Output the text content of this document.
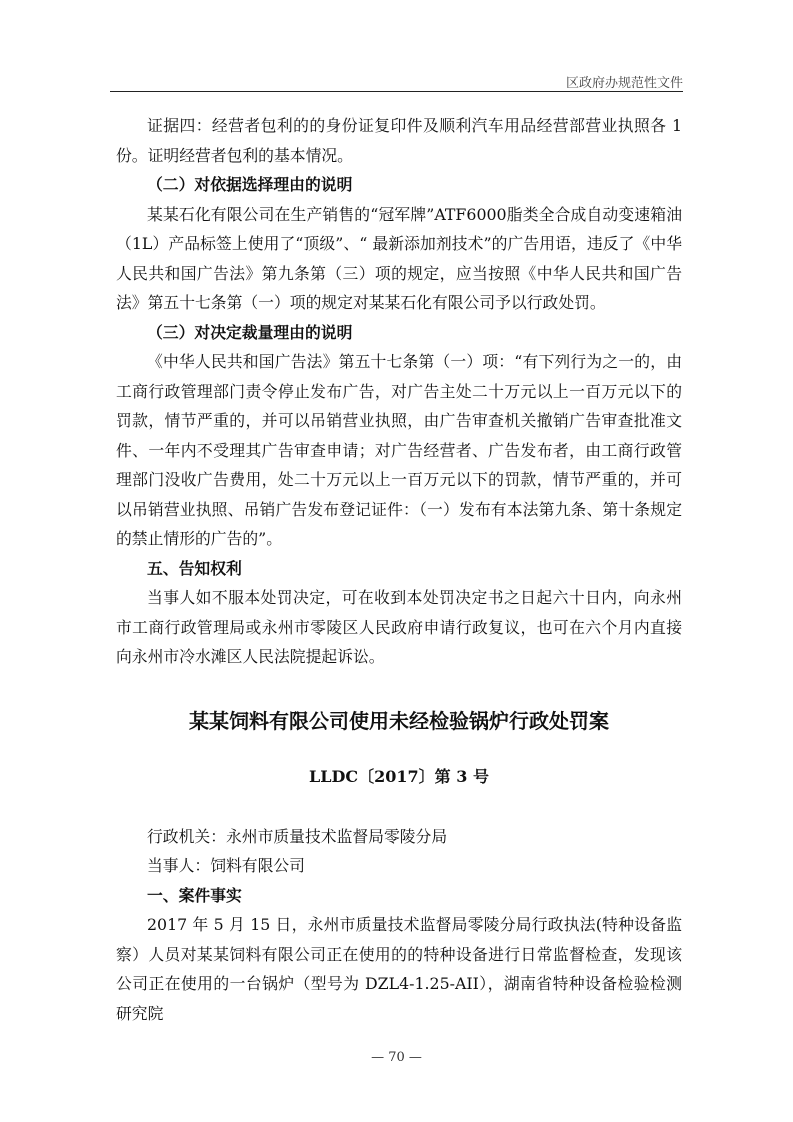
区政府办规范性文件

证据四：经营者包利的的身份证复印件及顺利汽车用品经营部营业执照各 1 份。证明经营者包利的基本情况。

（二）对依据选择理由的说明

某某石化有限公司在生产销售的“冠军牌”ATF6000脂类全合成自动变速箱油（1L）产品标签上使用了“顶级”、“ 最新添加剂技术”的广告用语，违反了《中华人民共和国广告法》第九条第（三）项的规定，应当按照《中华人民共和国广告法》第五十七条第（一）项的规定对某某石化有限公司予以行政处罚。

（三）对决定裁量理由的说明

《中华人民共和国广告法》第五十七条第（一）项：“有下列行为之一的，由工商行政管理部门责令停止发布广告，对广告主处二十万元以上一百万元以下的罚款，情节严重的，并可以吊销营业执照，由广告审查机关撤销广告审查批准文件、一年内不受理其广告审查申请；对广告经营者、广告发布者，由工商行政管理部门没收广告费用，处二十万元以上一百万元以下的罚款，情节严重的，并可以吊销营业执照、吊销广告发布登记证件：（一）发布有本法第九条、第十条规定的禁止情形的广告的”。

五、告知权利

当事人如不服本处罚决定，可在收到本处罚决定书之日起六十日内，向永州市工商行政管理局或永州市零陵区人民政府申请行政复议，也可在六个月内直接向永州市冷水滩区人民法院提起诉讼。

某某饲料有限公司使用未经检验锅炉行政处罚案
LLDC〔2017〕第 3 号

行政机关：永州市质量技术监督局零陵分局

当事人：饲料有限公司

一、案件事实

2017 年 5 月 15 日，永州市质量技术监督局零陵分局行政执法(特种设备监察）人员对某某饲料有限公司正在使用的的特种设备进行日常监督检查，发现该公司正在使用的一台锅炉（型号为 DZL4-1.25-AII），湖南省特种设备检验检测研究院

— 70 —
